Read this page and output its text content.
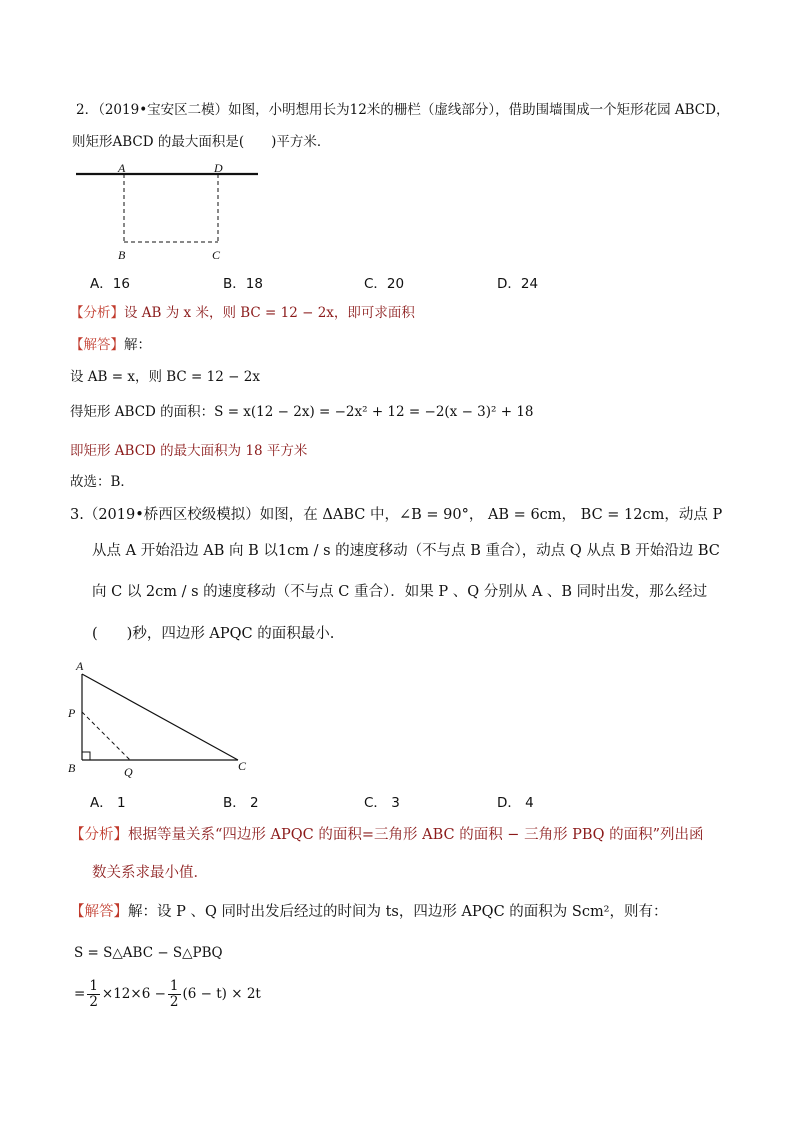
2．（2019•宝安区二模）如图，小明想用长为12米的栅栏（虚线部分），借助围墙围成一个矩形花园 ABCD，
则矩形ABCD 的最大面积是(　　)平方米．
A	D
B	C
A．16	B．18	C．20	D．24
【分析】设 AB 为 x 米，则 BC = 12 − 2x，即可求面积
【解答】解：
设 AB = x，则 BC = 12 − 2x
得矩形 ABCD 的面积：S = x(12 − 2x) = −2x² + 12 = −2(x − 3)² + 18
即矩形 ABCD 的最大面积为 18 平方米
故选：B．
3.（2019•桥西区校级模拟）如图，在 ΔABC 中，∠B = 90°， AB = 6cm， BC = 12cm，动点 P
从点 A 开始沿边 AB 向 B 以1cm / s 的速度移动（不与点 B 重合），动点 Q 从点 B 开始沿边 BC
向 C 以 2cm / s 的速度移动（不与点 C 重合）．如果 P 、Q 分别从 A 、B 同时出发，那么经过
(　　)秒，四边形 APQC 的面积最小.
A
P
B	Q	C
A． 1	B． 2	C． 3	D． 4
【分析】根据等量关系“四边形 APQC 的面积=三角形 ABC 的面积 − 三角形 PBQ 的面积”列出函
数关系求最小值．
【解答】解：设 P 、Q 同时出发后经过的时间为 ts，四边形 APQC 的面积为 Scm²，则有：
S = S△ABC − S△PBQ
= $\frac{1}{2} \times 12\times 6 - \frac{1}{2} (6 - t) \times 2t$
